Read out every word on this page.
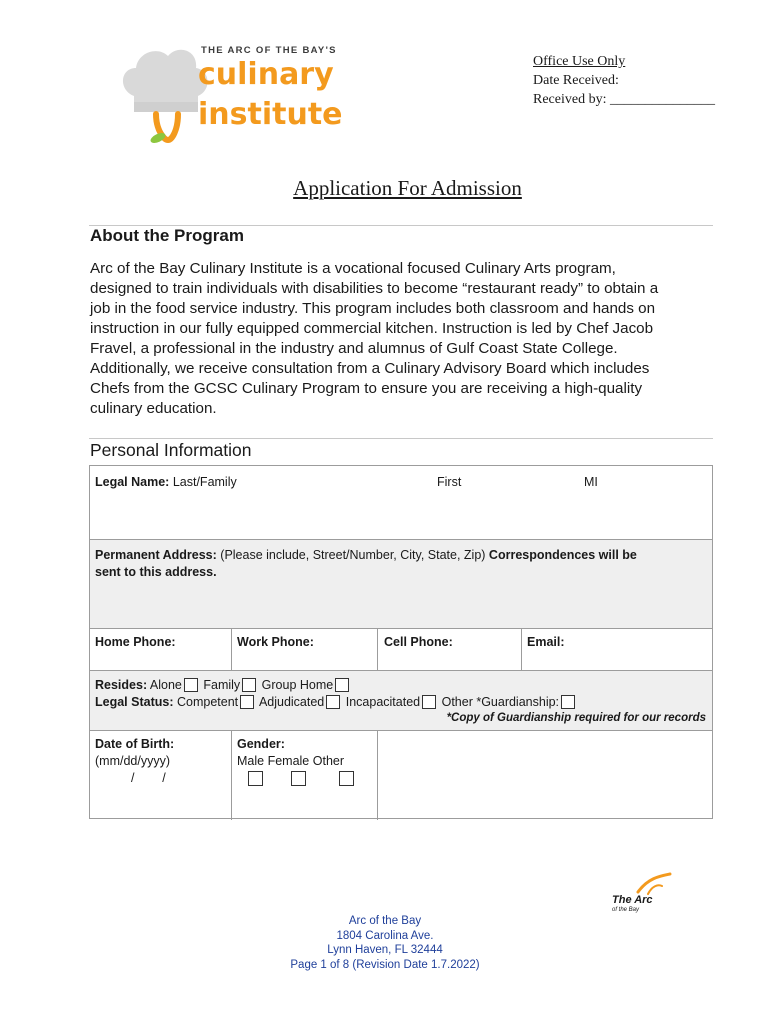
THE ARC OF THE BAY'S
culinary
institute
Office Use Only
Date Received:
Received by: _______________
Application For Admission
About the Program
Arc of the Bay Culinary Institute is a vocational focused Culinary Arts program,
designed to train individuals with disabilities to become “restaurant ready” to obtain a
job in the food service industry. This program includes both classroom and hands on
instruction in our fully equipped commercial kitchen. Instruction is led by Chef Jacob
Fravel, a professional in the industry and alumnus of Gulf Coast State College.
Additionally, we receive consultation from a Culinary Advisory Board which includes
Chefs from the GCSC Culinary Program to ensure you are receiving a high-quality
culinary education.
Personal Information
Legal Name: Last/Family	First	MI
Permanent Address: (Please include, Street/Number, City, State, Zip) Correspondences will be
sent to this address.
Home Phone:	Work Phone:	Cell Phone:	Email:
Resides: Alone Family Group Home
Legal Status: Competent Adjudicated Incapacitated Other *Guardianship:
*Copy of Guardianship required for our records
Date of Birth:
(mm/dd/yyyy)
/        /
Gender:
Male Female Other
The Arc
of the Bay
Arc of the Bay
1804 Carolina Ave.
Lynn Haven, FL 32444
Page 1 of 8 (Revision Date 1.7.2022)
